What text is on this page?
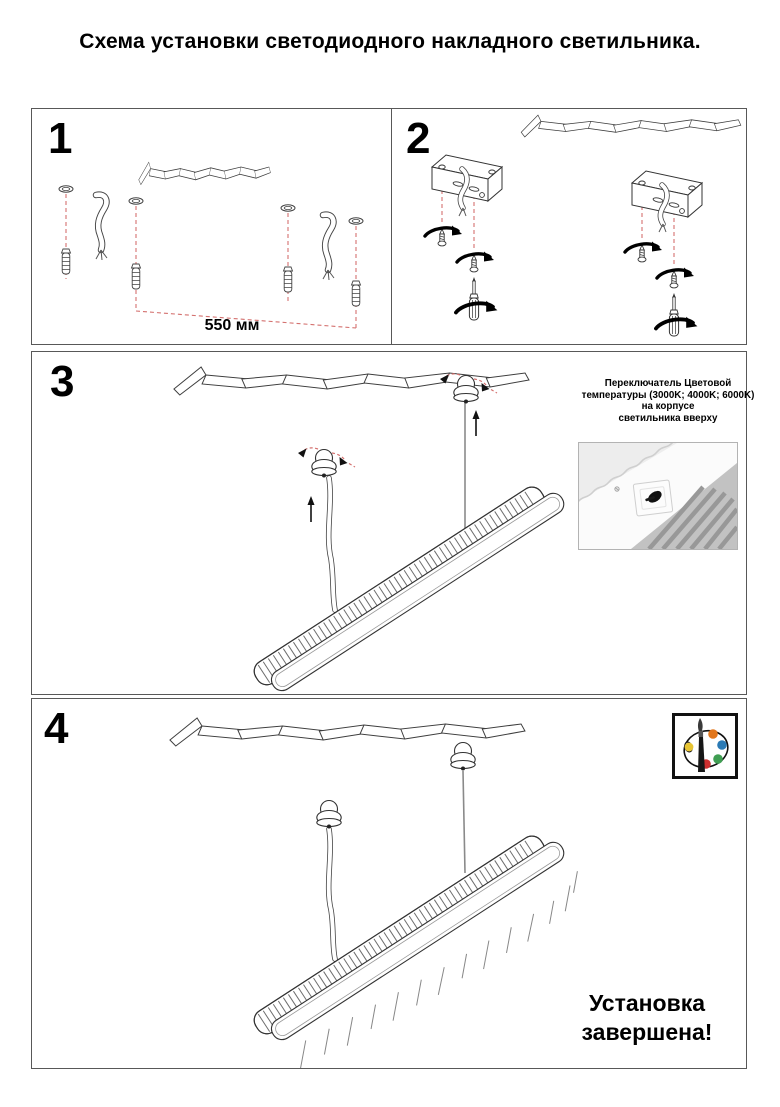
Схема установки светодиодного накладного светильника.
1
550 мм
2
3	Переключатель Цветовой
температуры (3000K; 4000K; 6000K)
на корпусе
светильника вверху
4
Установка
завершена!
